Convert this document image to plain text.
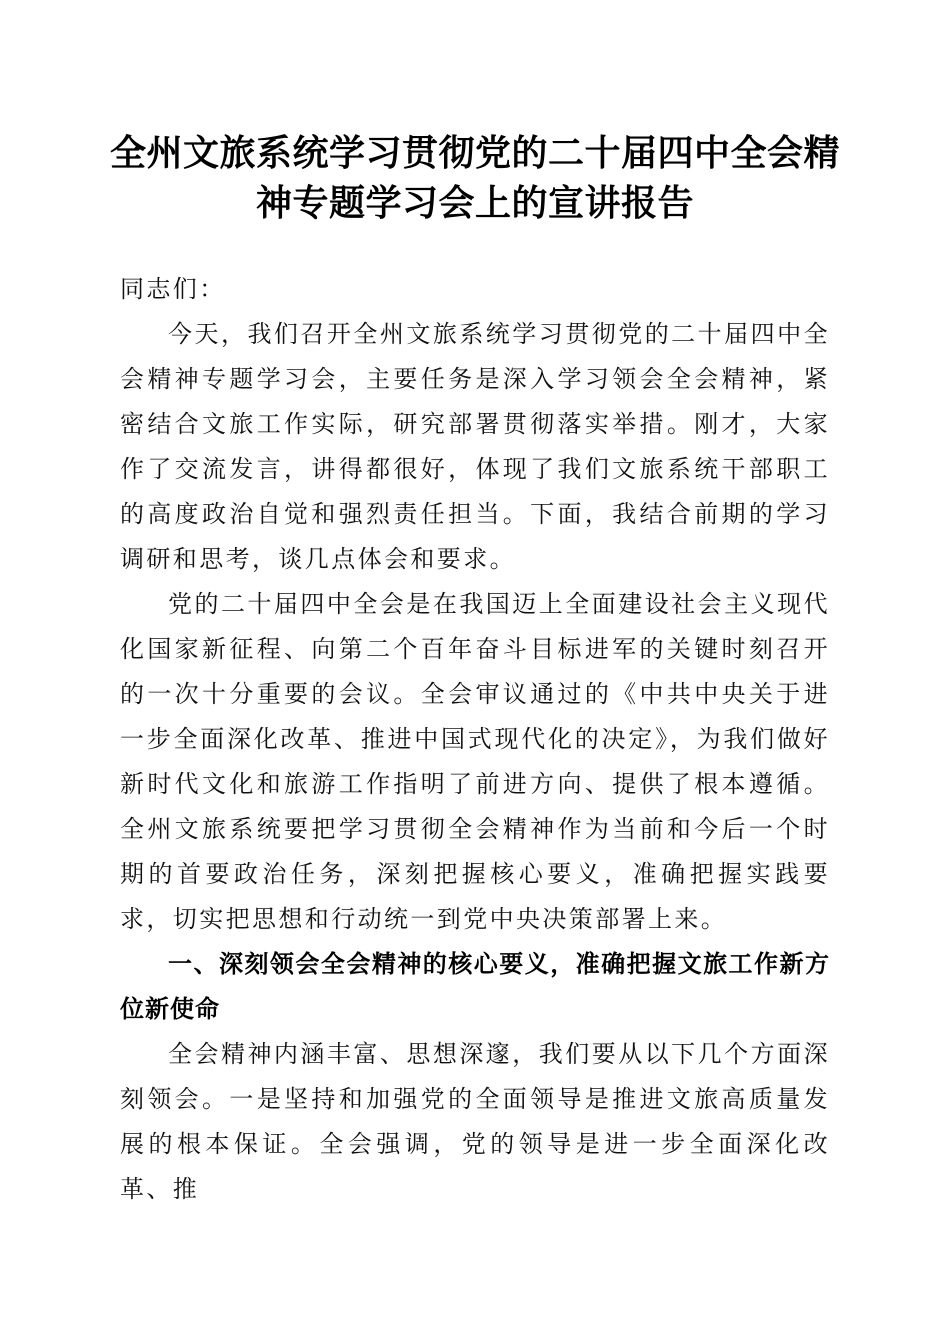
全州文旅系统学习贯彻党的二十届四中全会精
神专题学习会上的宣讲报告

同志们：

今天，我们召开全州文旅系统学习贯彻党的二十届四中全会精神专题学习会，主要任务是深入学习领会全会精神，紧密结合文旅工作实际，研究部署贯彻落实举措。刚才，大家作了交流发言，讲得都很好，体现了我们文旅系统干部职工的高度政治自觉和强烈责任担当。下面，我结合前期的学习调研和思考，谈几点体会和要求。

党的二十届四中全会是在我国迈上全面建设社会主义现代化国家新征程、向第二个百年奋斗目标进军的关键时刻召开的一次十分重要的会议。全会审议通过的《中共中央关于进一步全面深化改革、推进中国式现代化的决定》，为我们做好新时代文化和旅游工作指明了前进方向、提供了根本遵循。全州文旅系统要把学习贯彻全会精神作为当前和今后一个时期的首要政治任务，深刻把握核心要义，准确把握实践要求，切实把思想和行动统一到党中央决策部署上来。

一、深刻领会全会精神的核心要义，准确把握文旅工作新方位新使命

全会精神内涵丰富、思想深邃，我们要从以下几个方面深刻领会。一是坚持和加强党的全面领导是推进文旅高质量发展的根本保证。全会强调，党的领导是进一步全面深化改革、推
